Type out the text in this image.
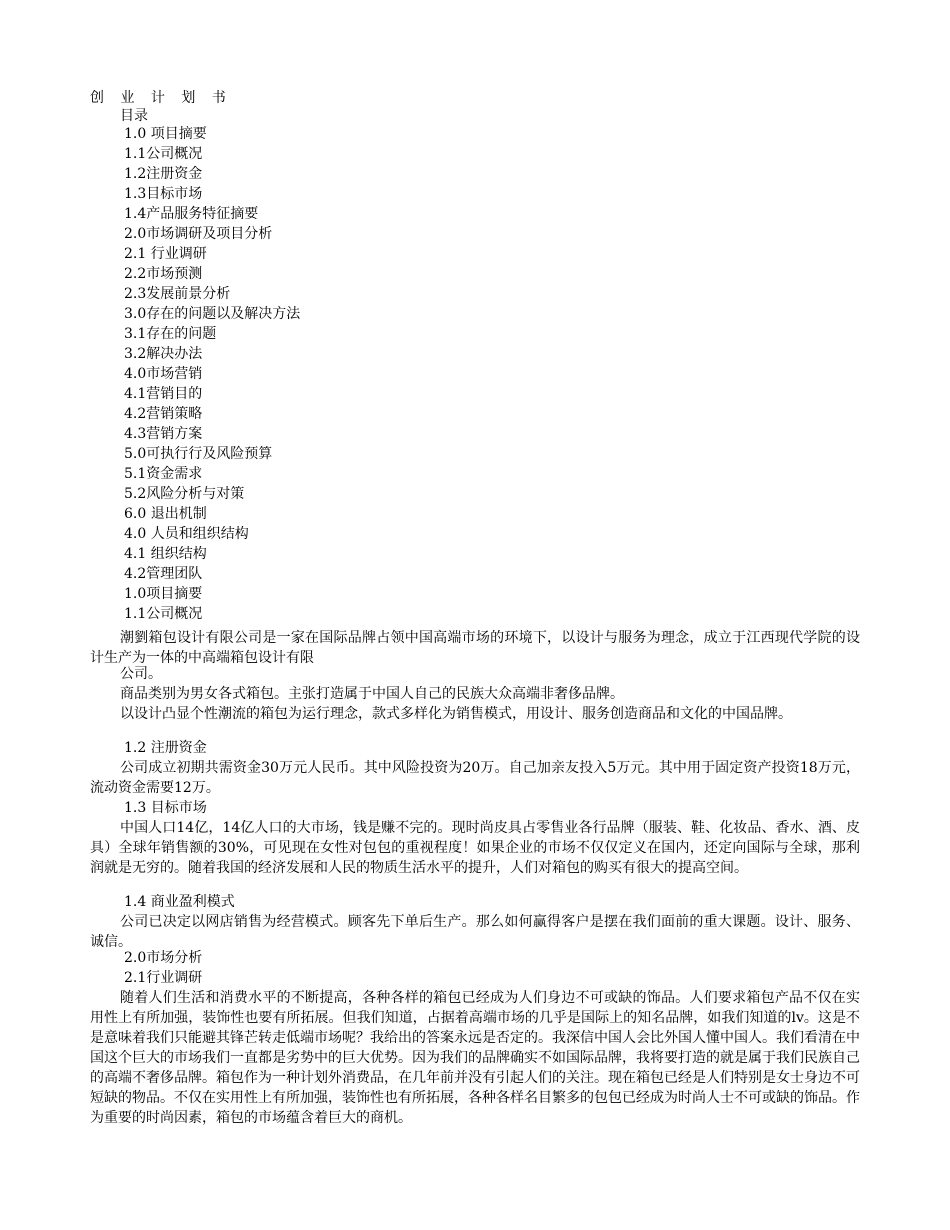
创 业 计 划 书
目录
1.0 项目摘要
1.1公司概况
1.2注册资金
1.3目标市场
1.4产品服务特征摘要
2.0市场调研及项目分析
2.1 行业调研
2.2市场预测
2.3发展前景分析
3.0存在的问题以及解决方法
3.1存在的问题
3.2解决办法
4.0市场营销
4.1营销目的
4.2营销策略
4.3营销方案
5.0可执行行及风险预算
5.1资金需求
5.2风险分析与对策
6.0 退出机制
4.0 人员和组织结构
4.1 组织结构
4.2管理团队
1.0项目摘要
1.1公司概况
潮劉箱包设计有限公司是一家在国际品牌占领中国高端市场的环境下，以设计与服务为理念，成立于江西现代学院的设计生产为一体的中高端箱包设计有限
公司。
商品类别为男女各式箱包。主张打造属于中国人自己的民族大众高端非奢侈品牌。
以设计凸显个性潮流的箱包为运行理念，款式多样化为销售模式，用设计、服务创造商品和文化的中国品牌。
1.2 注册资金
公司成立初期共需资金30万元人民币。其中风险投资为20万。自己加亲友投入5万元。其中用于固定资产投资18万元，流动资金需要12万。
1.3 目标市场
中国人口14亿，14亿人口的大市场，钱是赚不完的。现时尚皮具占零售业各行品牌（服装、鞋、化妆品、香水、酒、皮具）全球年销售额的30%，可见现在女性对包包的重视程度！如果企业的市场不仅仅定义在国内，还定向国际与全球，那利润就是无穷的。随着我国的经济发展和人民的物质生活水平的提升，人们对箱包的购买有很大的提高空间。
1.4 商业盈利模式
公司已决定以网店销售为经营模式。顾客先下单后生产。那么如何赢得客户是摆在我们面前的重大课题。设计、服务、诚信。
2.0市场分析
2.1行业调研
随着人们生活和消费水平的不断提高，各种各样的箱包已经成为人们身边不可或缺的饰品。人们要求箱包产品不仅在实用性上有所加强，装饰性也要有所拓展。但我们知道，占据着高端市场的几乎是国际上的知名品牌，如我们知道的lv。这是不是意味着我们只能避其锋芒转走低端市场呢？我给出的答案永远是否定的。我深信中国人会比外国人懂中国人。我们看清在中国这个巨大的市场我们一直都是劣势中的巨大优势。因为我们的品牌确实不如国际品牌，我将要打造的就是属于我们民族自己的高端不奢侈品牌。箱包作为一种计划外消费品，在几年前并没有引起人们的关注。现在箱包已经是人们特别是女士身边不可短缺的物品。不仅在实用性上有所加强，装饰性也有所拓展，各种各样名目繁多的包包已经成为时尚人士不可或缺的饰品。作为重要的时尚因素，箱包的市场蕴含着巨大的商机。
